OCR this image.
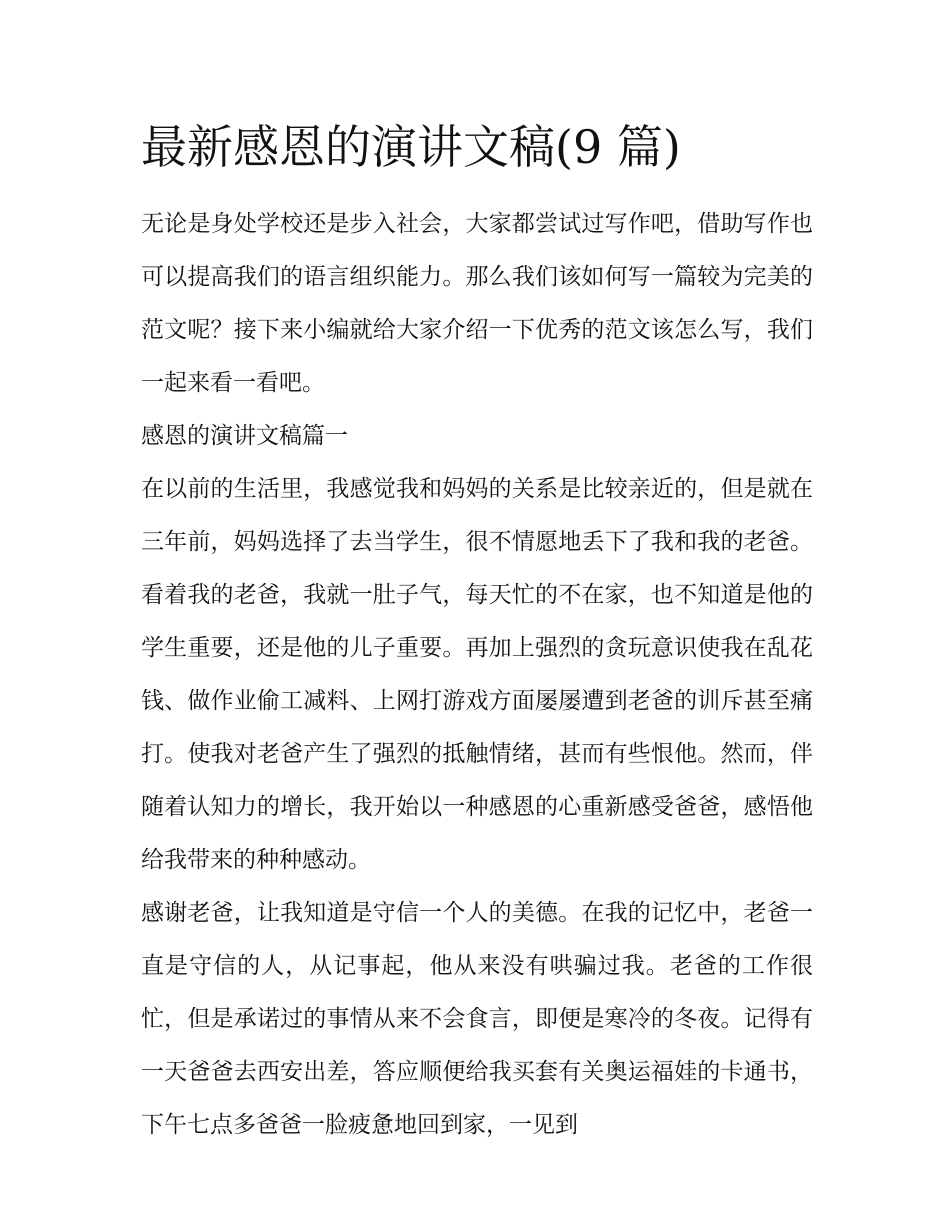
最新感恩的演讲文稿(9 篇)

无论是身处学校还是步入社会，大家都尝试过写作吧，借助写作也可以提高我们的语言组织能力。那么我们该如何写一篇较为完美的范文呢？接下来小编就给大家介绍一下优秀的范文该怎么写，我们一起来看一看吧。

感恩的演讲文稿篇一

在以前的生活里，我感觉我和妈妈的关系是比较亲近的，但是就在三年前，妈妈选择了去当学生，很不情愿地丢下了我和我的老爸。看着我的老爸，我就一肚子气，每天忙的不在家，也不知道是他的学生重要，还是他的儿子重要。再加上强烈的贪玩意识使我在乱花钱、做作业偷工减料、上网打游戏方面屡屡遭到老爸的训斥甚至痛打。使我对老爸产生了强烈的抵触情绪，甚而有些恨他。然而，伴随着认知力的增长，我开始以一种感恩的心重新感受爸爸，感悟他给我带来的种种感动。

感谢老爸，让我知道是守信一个人的美德。在我的记忆中，老爸一直是守信的人，从记事起，他从来没有哄骗过我。老爸的工作很忙，但是承诺过的事情从来不会食言，即便是寒冷的冬夜。记得有一天爸爸去西安出差，答应顺便给我买套有关奥运福娃的卡通书，下午七点多爸爸一脸疲惫地回到家，一见到
